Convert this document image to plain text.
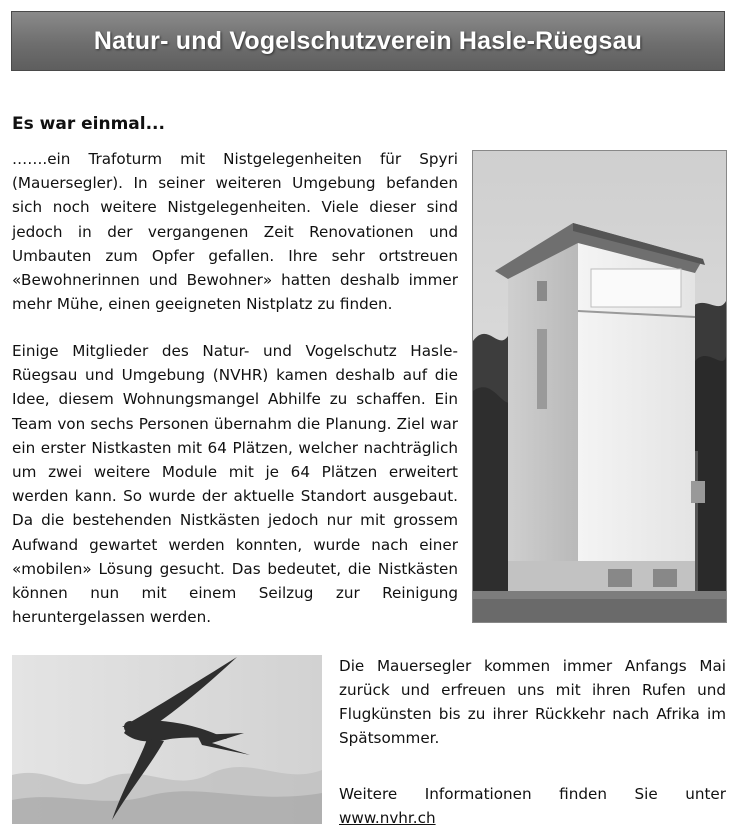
Natur- und Vogelschutzverein Hasle-Rüegsau
Es war einmal...

…….ein Trafoturm mit Nistgelegenheiten für Spyri (Mauersegler). In seiner weiteren Umgebung befanden sich noch weitere Nistgelegenheiten. Viele dieser sind jedoch in der vergangenen Zeit Renovationen und Umbauten zum Opfer gefallen. Ihre sehr ortstreuen «Bewohnerinnen und Bewohner» hatten deshalb immer mehr Mühe, einen geeigneten Nistplatz zu finden.

Einige Mitglieder des Natur- und Vogelschutz Hasle-Rüegsau und Umgebung (NVHR) kamen deshalb auf die Idee, diesem Wohnungsmangel Abhilfe zu schaffen. Ein Team von sechs Personen übernahm die Planung. Ziel war ein erster Nistkasten mit 64 Plätzen, welcher nachträglich um zwei weitere Module mit je 64 Plätzen erweitert werden kann. So wurde der aktuelle Standort ausgebaut. Da die bestehenden Nistkästen jedoch nur mit grossem Aufwand gewartet werden konnten, wurde nach einer «mobilen» Lösung gesucht. Das bedeutet, die Nistkästen können nun mit einem Seilzug zur Reinigung heruntergelassen werden.

Die Mauersegler kommen immer Anfangs Mai zurück und erfreuen uns mit ihren Rufen und Flugkünsten bis zu ihrer Rückkehr nach Afrika im Spätsommer.

Weitere Informationen finden Sie unter

www.nvhr.ch
